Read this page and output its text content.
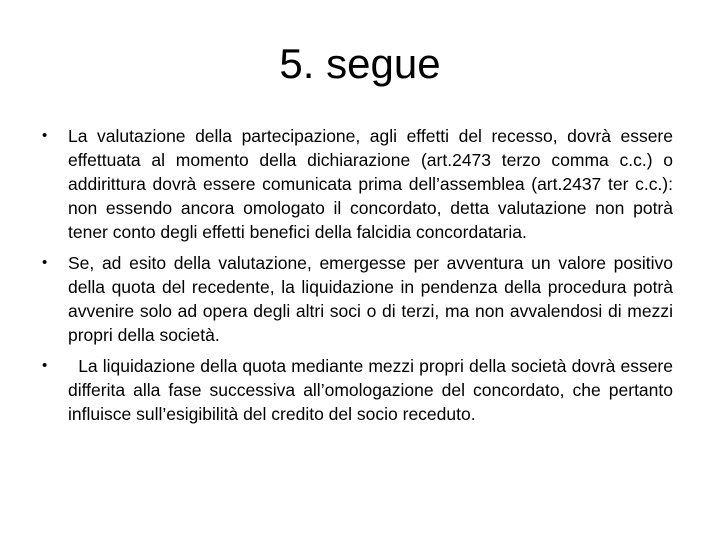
5. segue
• La valutazione della partecipazione, agli effetti del recesso, dovrà essere effettuata al momento della dichiarazione (art.2473 terzo comma c.c.) o addirittura dovrà essere comunicata prima dell’assemblea (art.2437 ter c.c.): non essendo ancora omologato il concordato, detta valutazione non potrà tener conto degli effetti benefici della falcidia concordataria.
• Se, ad esito della valutazione, emergesse per avventura un valore positivo della quota del recedente, la liquidazione in pendenza della procedura potrà avvenire solo ad opera degli altri soci o di terzi, ma non avvalendosi di mezzi propri della società.
• La liquidazione della quota mediante mezzi propri della società dovrà essere differita alla fase successiva all’omologazione del concordato, che pertanto influisce sull’esigibilità del credito del socio receduto.
